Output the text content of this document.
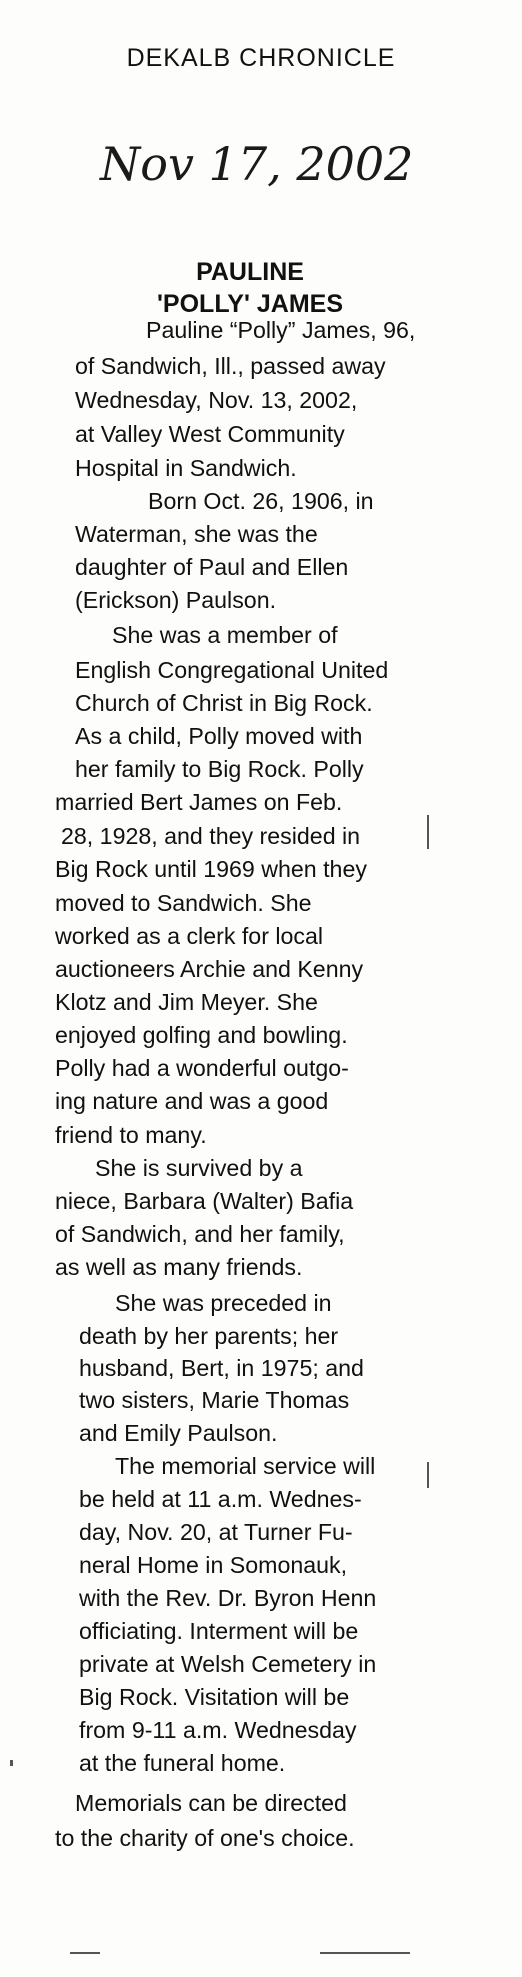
DEKALB CHRONICLE
Nov 17, 2002
PAULINE
'POLLY' JAMES
Pauline “Polly” James, 96,
of Sandwich, Ill., passed away
Wednesday, Nov. 13, 2002,
at Valley West Community
Hospital in Sandwich.
Born Oct. 26, 1906, in
Waterman, she was the
daughter of Paul and Ellen
(Erickson) Paulson.
She was a member of
English Congregational United
Church of Christ in Big Rock.
As a child, Polly moved with
her family to Big Rock. Polly
married Bert James on Feb.
28, 1928, and they resided in
Big Rock until 1969 when they
moved to Sandwich. She
worked as a clerk for local
auctioneers Archie and Kenny
Klotz and Jim Meyer. She
enjoyed golfing and bowling.
Polly had a wonderful outgo-
ing nature and was a good
friend to many.
She is survived by a
niece, Barbara (Walter) Bafia
of Sandwich, and her family,
as well as many friends.
She was preceded in
death by her parents; her
husband, Bert, in 1975; and
two sisters, Marie Thomas
and Emily Paulson.
The memorial service will
be held at 11 a.m. Wednes-
day, Nov. 20, at Turner Fu-
neral Home in Somonauk,
with the Rev. Dr. Byron Henn
officiating. Interment will be
private at Welsh Cemetery in
Big Rock. Visitation will be
from 9-11 a.m. Wednesday
at the funeral home.
Memorials can be directed
to the charity of one's choice.
